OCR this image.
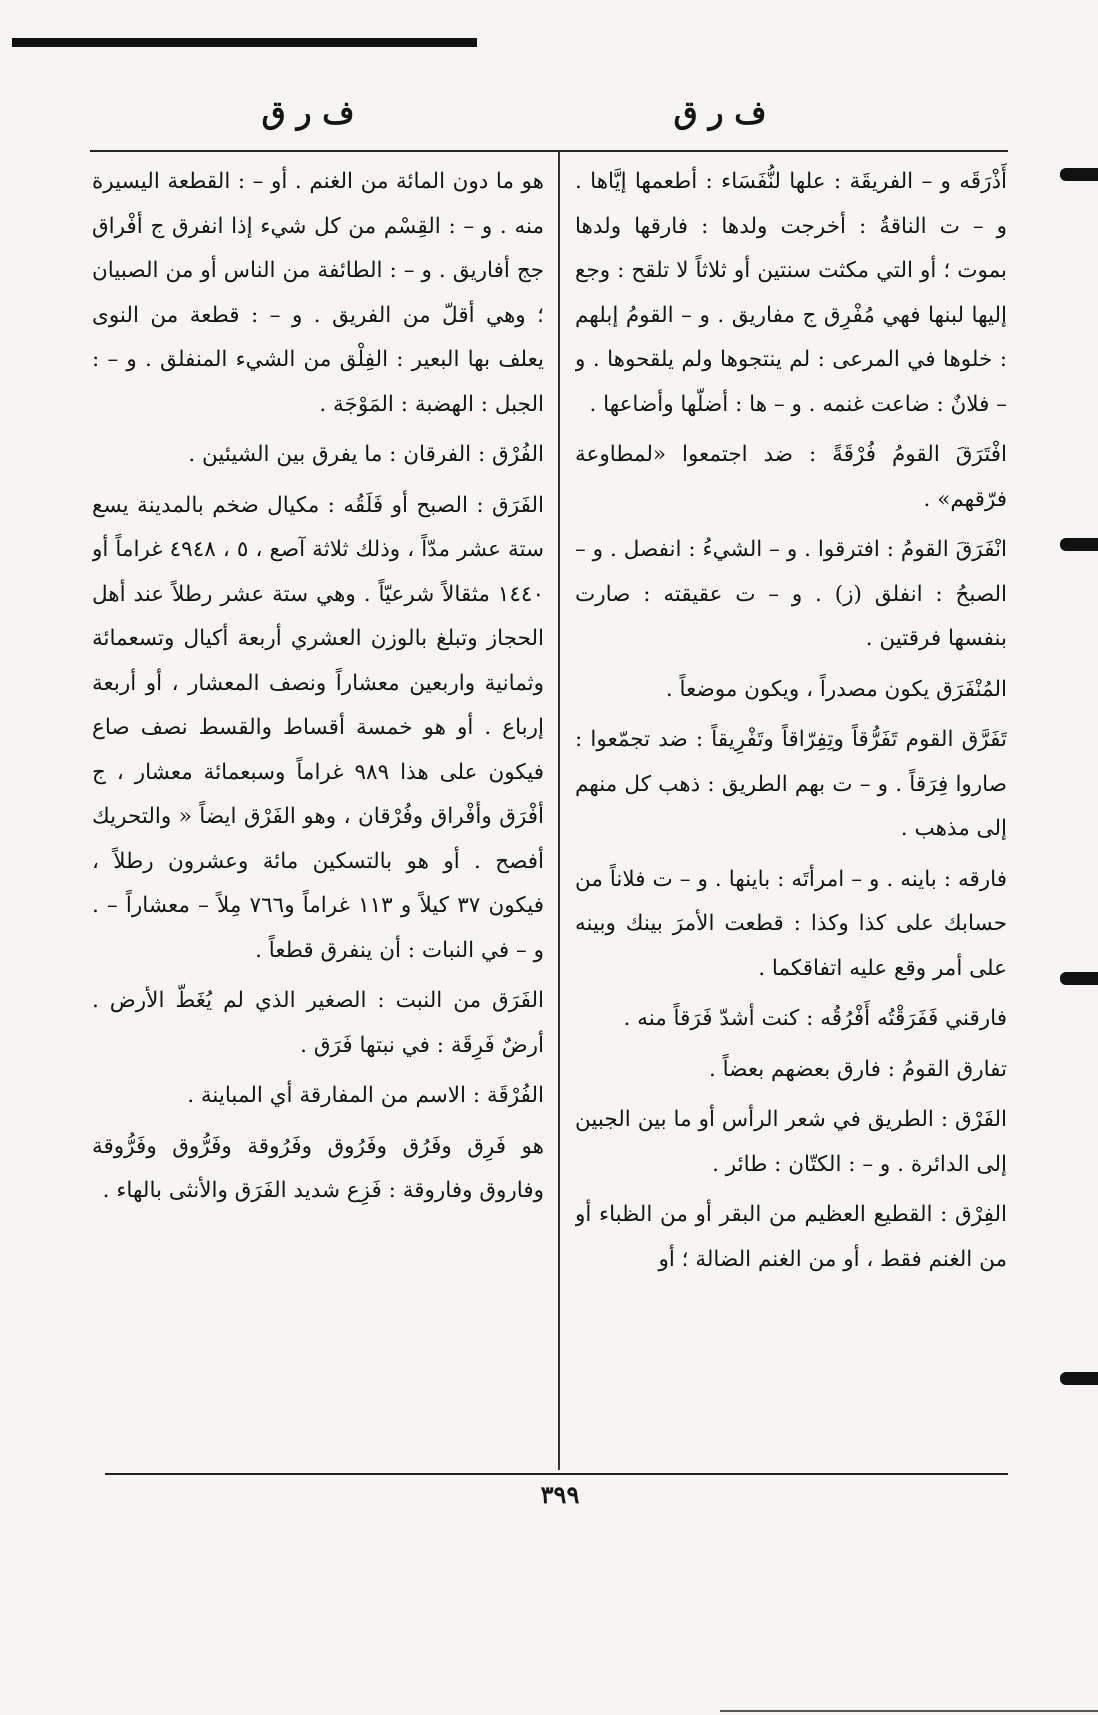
ف ر ق
ف ر ق

أَذْرَقَه و – الفريقَة : علها لنُّفَسَاء : أطعمها إيَّاها . و – ت الناقةُ : أخرجت ولدها : فارقها ولدها بموت ؛ أو التي مكثت سنتين أو ثلاثاً لا تلقح : وجع إليها لبنها فهي مُفْرِق ج مفاريق . و – القومُ إبلهم : خلوها في المرعى : لم ينتجوها ولم يلقحوها . و – فلانٌ : ضاعت غنمه . و – ها : أضلّها وأضاعها .

افْتَرَقَ القومُ فُرْقَةً : ضد اجتمعوا «لمطاوعة فرّقهم» .

انْفَرَقَ القومُ : افترقوا . و – الشيءُ : انفصل . و – الصبحُ : انفلق (ز) . و – ت عقيقته : صارت بنفسها فرقتين .

المُنْفَرَق يكون مصدراً ، ويكون موضعاً .

تَفَرَّق القوم تَفَرُّقاً وتِفِرّاقاً وتَفْرِيقاً : ضد تجمّعوا : صاروا فِرَقاً . و – ت بهم الطريق : ذهب كل منهم إلى مذهب .

فارقه : باينه . و – امرأتَه : باينها . و – ت فلاناً من حسابك على كذا وكذا : قطعت الأمرَ بينك وبينه على أمر وقع عليه اتفاقكما .

فارقني فَفَرَقْتُه أَفْرُقُه : كنت أشدّ فَرَقاً منه .

تفارق القومُ : فارق بعضهم بعضاً .

الفَرْق : الطريق في شعر الرأس أو ما بين الجبين إلى الدائرة . و – : الكتّان : طائر .

الفِرْق : القطيع العظيم من البقر أو من الظباء أو من الغنم فقط ، أو من الغنم الضالة ؛ أو

هو ما دون المائة من الغنم . أو – : القطعة اليسيرة منه . و – : القِسْم من كل شيء إذا انفرق ج أفْراق جج أفاريق . و – : الطائفة من الناس أو من الصبيان ؛ وهي أقلّ من الفريق . و – : قطعة من النوى يعلف بها البعير : الفِلْق من الشيء المنفلق . و – : الجبل : الهضبة : المَوْجَة .

الفُرْق : الفرقان : ما يفرق بين الشيئين .

الفَرَق : الصبح أو فَلَقُه : مكيال ضخم بالمدينة يسع ستة عشر مدّاً ، وذلك ثلاثة آصع ، ٥ ، ٤٩٤٨ غراماً أو ١٤٤٠ مثقالاً شرعيّاً . وهي ستة عشر رطلاً عند أهل الحجاز وتبلغ بالوزن العشري أربعة أكيال وتسعمائة وثمانية واربعين معشاراً ونصف المعشار ، أو أربعة إرباع . أو هو خمسة أقساط والقسط نصف صاع فيكون على هذا ٩٨٩ غراماً وسبعمائة معشار ، ج أفْرَق وأفْراق وفُرْقان ، وهو الفَرْق ايضاً « والتحريك أفصح . أو هو بالتسكين مائة وعشرون رطلاً ، فيكون ٣٧ كيلاً و ١١٣ غراماً و٧٦٦ مِلاً – معشاراً – . و – في النبات : أن ينفرق قطعاً .

الفَرَق من النبت : الصغير الذي لم يُغَطّ الأرض . أرضٌ فَرِقَة : في نبتها فَرَق .

الفُرْقَة : الاسم من المفارقة أي المباينة .

هو فَرِق وفَرُق وفَرُوق وفَرُوقة وفَرُّوق وفَرُّوقة وفاروق وفاروقة : فَزِع شديد الفَرَق والأنثى بالهاء .

٣٩٩
